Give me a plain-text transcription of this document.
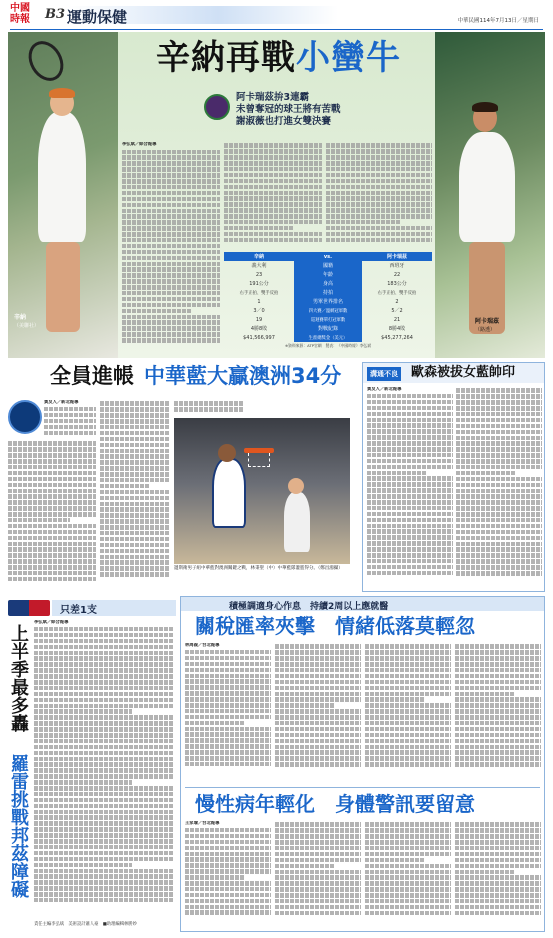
中國
時報	B3 運動保健	中華民國114年7月13日／星期日
辛納
（美聯社）
阿卡瑞茲
（路透）
辛納再戰小蠻牛
阿卡瑞茲拚3連霸
未曾奪冠的球王將有苦戰
謝淑薇也打進女雙決賽
李弘斌／綜合報導
辛納	vs.	阿卡瑞茲
義大利	國籍	西班牙
23	年齡	22
191公分	身高	183公分
右手正拍、雙手反拍	持拍	右手正拍、雙手反拍
1	男單世界排名	2
3／0	四大賽／溫網冠軍數	5／2
19	巡迴賽單打冠軍數	21
4勝8敗	對戰紀錄	8勝4敗
$41,566,997	生涯總獎金（美元）	$45,277,264
※資料來源：ATP官網　製表：《中國時報》李弘斌
全員進帳 中華藍大贏澳洲34分
黃及人／新北報導
邊斯衛男子組中華藍對澳洲關鍵之戰，林秉聖（中）中華藍隊灌籃得分。（鄭昌鴻攝）
溝通不良 歐森被拔女藍帥印
黃及人／新北報導
只差1支
上半季最多轟
羅雷挑戰邦茲障礙
李弘斌／綜合報導
責任主編李弘斌　美術設計蕭人豪　■助理編輯林勝妙
積極調適身心作息　持續2周以上應就醫
關稅匯率夾擊　情緒低落莫輕忽
林周義／台北報導
慢性病年輕化　身體警訊要留意
王家瑜／台北報導
